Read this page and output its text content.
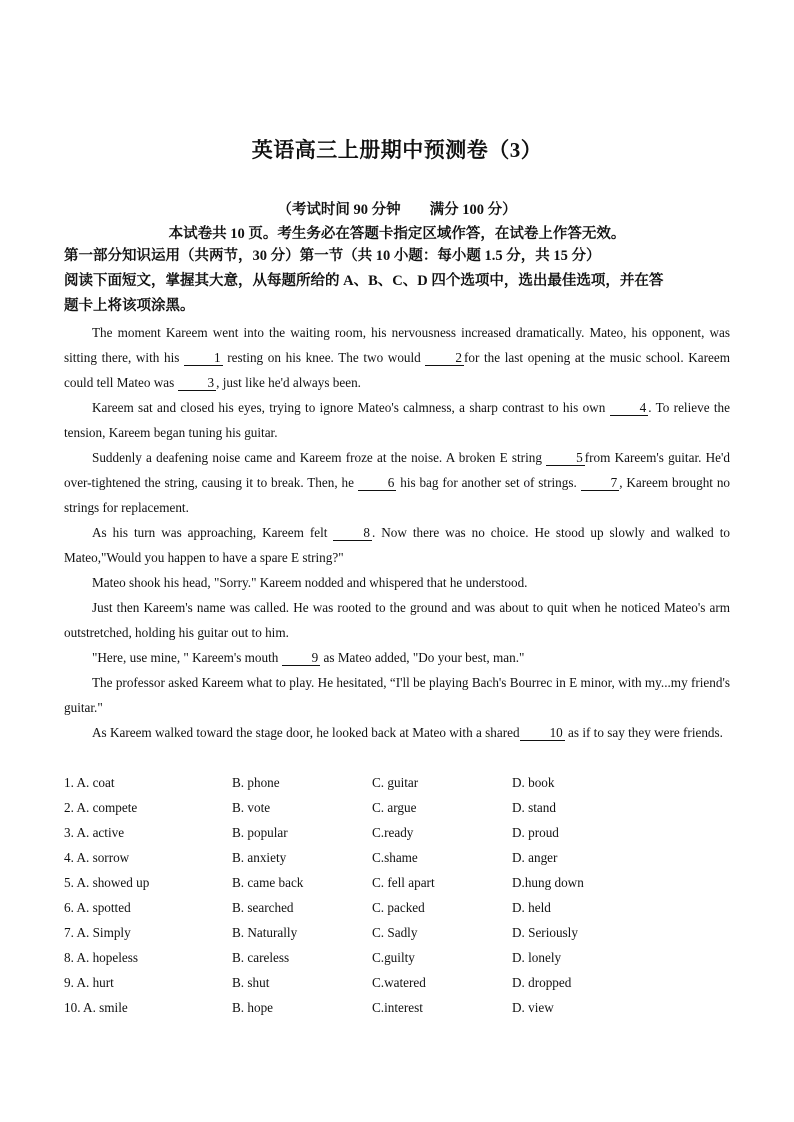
英语高三上册期中预测卷（3）
（考试时间 90 分钟　　满分 100 分）
本试卷共 10 页。考生务必在答题卡指定区域作答，在试卷上作答无效。
第一部分知识运用（共两节，30 分）第一节（共 10 小题：每小题 1.5 分，共 15 分）
阅读下面短文，掌握其大意，从每题所给的 A、B、C、D 四个选项中，选出最佳选项，并在答
题卡上将该项涂黑。

The moment Kareem went into the waiting room, his nervousness increased dramatically. Mateo, his opponent, was sitting there, with his 1 resting on his knee. The two would 2 for the last opening at the music school. Kareem could tell Mateo was 3 , just like he'd always been.

Kareem sat and closed his eyes, trying to ignore Mateo's calmness, a sharp contrast to his own 4 . To relieve the tension, Kareem began tuning his guitar.

Suddenly a deafening noise came and Kareem froze at the noise. A broken E string 5 from Kareem's guitar. He'd over-tightened the string, causing it to break. Then, he 6 his bag for another set of strings. 7 , Kareem brought no strings for replacement.

As his turn was approaching, Kareem felt 8 . Now there was no choice. He stood up slowly and walked to Mateo,"Would you happen to have a spare E string?"

Mateo shook his head, "Sorry." Kareem nodded and whispered that he understood.

Just then Kareem's name was called. He was rooted to the ground and was about to quit when he noticed Mateo's arm outstretched, holding his guitar out to him.

"Here, use mine, " Kareem's mouth 9 as Mateo added, "Do your best, man."

The professor asked Kareem what to play. He hesitated, “I'll be playing Bach's Bourrec in E minor, with my...my friend's guitar."

As Kareem walked toward the stage door, he looked back at Mateo with a shared 10 as if to say they were friends.

1. A. coat	B. phone	C. guitar	D. book
2. A. compete	B. vote	C. argue	D. stand
3. A. active	B. popular	C.ready	D. proud
4. A. sorrow	B. anxiety	C.shame	D. anger
5. A. showed up	B. came back	C. fell apart	D.hung down
6. A. spotted	B. searched	C. packed	D. held
7. A. Simply	B. Naturally	C. Sadly	D. Seriously
8. A. hopeless	B. careless	C.guilty	D. lonely
9. A. hurt	B. shut	C.watered	D. dropped
10. A. smile	B. hope	C.interest	D. view
